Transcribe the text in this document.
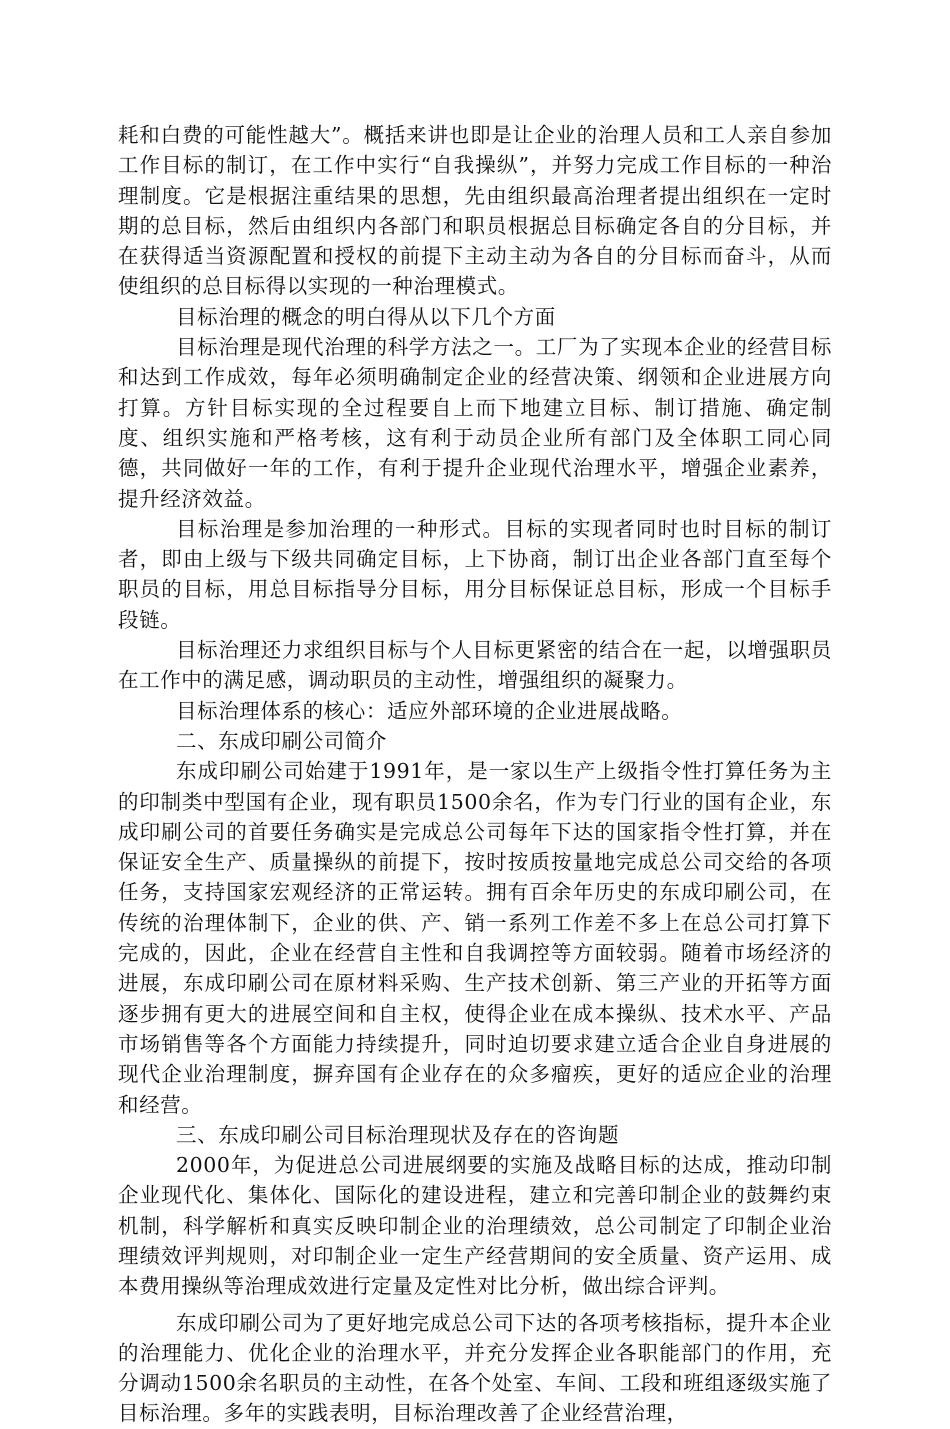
耗和白费的可能性越大”。概括来讲也即是让企业的治理人员和工人亲自参加工作目标的制订，在工作中实行“自我操纵”，并努力完成工作目标的一种治理制度。它是根据注重结果的思想，先由组织最高治理者提出组织在一定时期的总目标，然后由组织内各部门和职员根据总目标确定各自的分目标，并在获得适当资源配置和授权的前提下主动主动为各自的分目标而奋斗，从而使组织的总目标得以实现的一种治理模式。

目标治理的概念的明白得从以下几个方面

目标治理是现代治理的科学方法之一。工厂为了实现本企业的经营目标和达到工作成效，每年必须明确制定企业的经营决策、纲领和企业进展方向打算。方针目标实现的全过程要自上而下地建立目标、制订措施、确定制度、组织实施和严格考核，这有利于动员企业所有部门及全体职工同心同德，共同做好一年的工作，有利于提升企业现代治理水平，增强企业素养，提升经济效益。

目标治理是参加治理的一种形式。目标的实现者同时也时目标的制订者，即由上级与下级共同确定目标，上下协商，制订出企业各部门直至每个职员的目标，用总目标指导分目标，用分目标保证总目标，形成一个目标手段链。

目标治理还力求组织目标与个人目标更紧密的结合在一起，以增强职员在工作中的满足感，调动职员的主动性，增强组织的凝聚力。

目标治理体系的核心：适应外部环境的企业进展战略。

二、东成印刷公司简介

东成印刷公司始建于1991年，是一家以生产上级指令性打算任务为主的印制类中型国有企业，现有职员1500余名，作为专门行业的国有企业，东成印刷公司的首要任务确实是完成总公司每年下达的国家指令性打算，并在保证安全生产、质量操纵的前提下，按时按质按量地完成总公司交给的各项任务，支持国家宏观经济的正常运转。拥有百余年历史的东成印刷公司，在传统的治理体制下，企业的供、产、销一系列工作差不多上在总公司打算下完成的，因此，企业在经营自主性和自我调控等方面较弱。随着市场经济的进展，东成印刷公司在原材料采购、生产技术创新、第三产业的开拓等方面逐步拥有更大的进展空间和自主权，使得企业在成本操纵、技术水平、产品市场销售等各个方面能力持续提升，同时迫切要求建立适合企业自身进展的现代企业治理制度，摒弃国有企业存在的众多瘤疾，更好的适应企业的治理和经营。

三、东成印刷公司目标治理现状及存在的咨询题

2000年，为促进总公司进展纲要的实施及战略目标的达成，推动印制企业现代化、集体化、国际化的建设进程，建立和完善印制企业的鼓舞约束机制，科学解析和真实反映印制企业的治理绩效，总公司制定了印制企业治理绩效评判规则，对印制企业一定生产经营期间的安全质量、资产运用、成本费用操纵等治理成效进行定量及定性对比分析，做出综合评判。

东成印刷公司为了更好地完成总公司下达的各项考核指标，提升本企业的治理能力、优化企业的治理水平，并充分发挥企业各职能部门的作用，充分调动1500余名职员的主动性，在各个处室、车间、工段和班组逐级实施了目标治理。多年的实践表明，目标治理改善了企业经营治理，
